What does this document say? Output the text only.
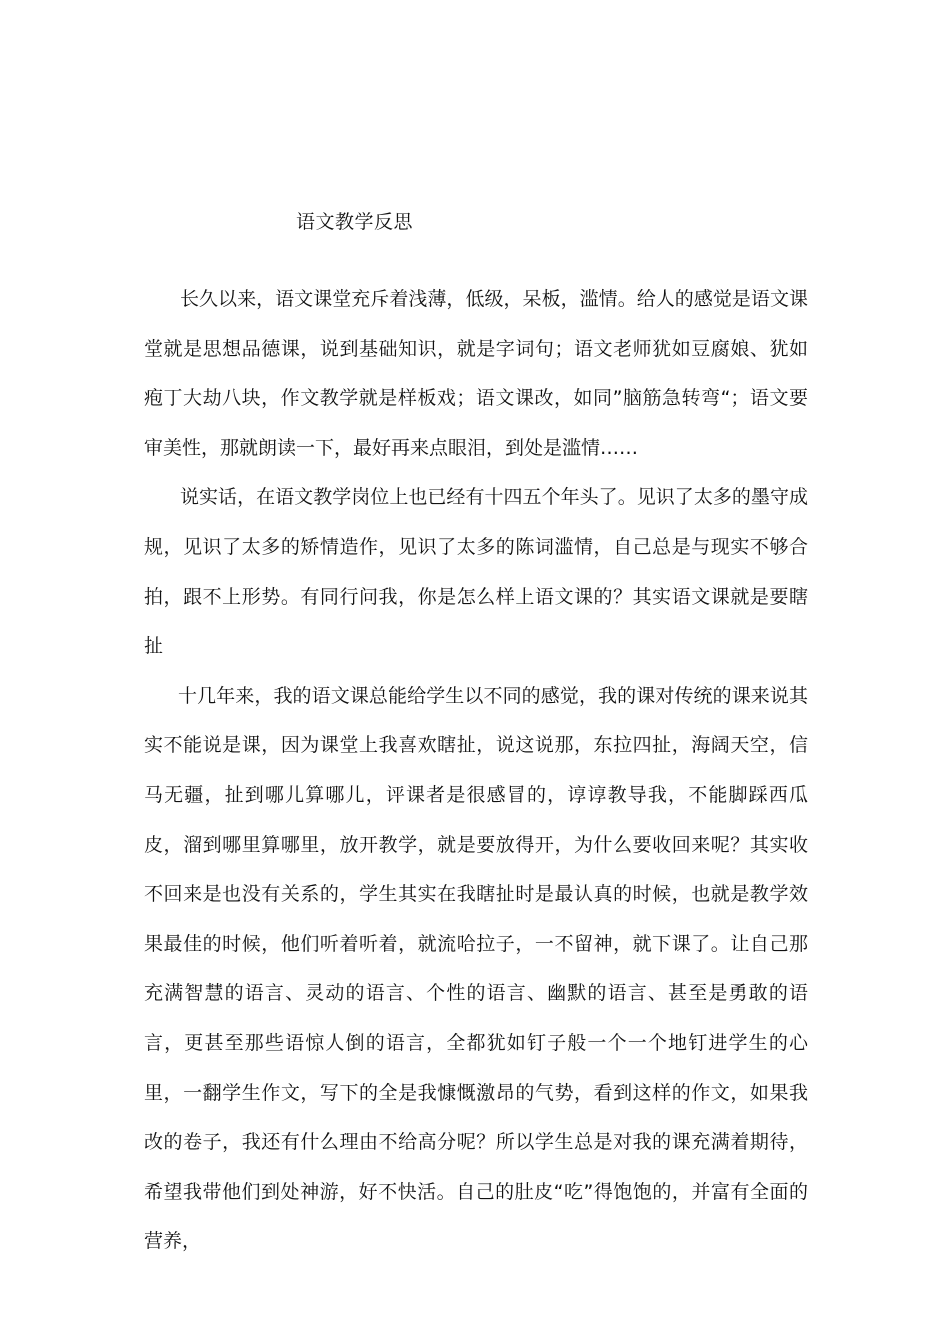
语文教学反思

长久以来，语文课堂充斥着浅薄，低级，呆板，滥情。给人的感觉是语文课堂就是思想品德课，说到基础知识，就是字词句；语文老师犹如豆腐娘、犹如疱丁大劫八块，作文教学就是样板戏；语文课改，如同”脑筋急转弯“；语文要审美性，那就朗读一下，最好再来点眼泪，到处是滥情……

说实话，在语文教学岗位上也已经有十四五个年头了。见识了太多的墨守成规，见识了太多的矫情造作，见识了太多的陈词滥情，自己总是与现实不够合拍，跟不上形势。有同行问我，你是怎么样上语文课的？其实语文课就是要瞎扯

十几年来，我的语文课总能给学生以不同的感觉，我的课对传统的课来说其实不能说是课，因为课堂上我喜欢瞎扯，说这说那，东拉四扯，海阔天空，信马无疆，扯到哪儿算哪儿，评课者是很感冒的，谆谆教导我，不能脚踩西瓜皮，溜到哪里算哪里，放开教学，就是要放得开，为什么要收回来呢？其实收不回来是也没有关系的，学生其实在我瞎扯时是最认真的时候，也就是教学效果最佳的时候，他们听着听着，就流哈拉子，一不留神，就下课了。让自己那充满智慧的语言、灵动的语言、个性的语言、幽默的语言、甚至是勇敢的语言，更甚至那些语惊人倒的语言，全都犹如钉子般一个一个地钉进学生的心里，一翻学生作文，写下的全是我慷慨激昂的气势，看到这样的作文，如果我改的卷子，我还有什么理由不给高分呢？所以学生总是对我的课充满着期待，希望我带他们到处神游，好不快活。自己的肚皮“吃”得饱饱的，并富有全面的营养，
